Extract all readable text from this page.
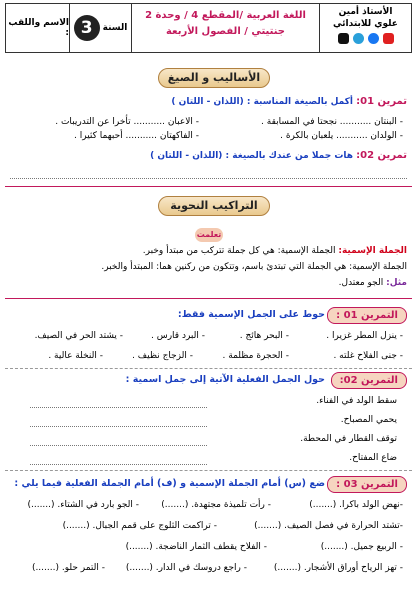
الأستاذ أمين
علوي للابتدائي
اللغة العربية /المقطع 4 / وحدة 2
جنتيتي / الفصول الأربعة
السنة
3
الاسم واللقب :
الأساليب و الصيغ
تمرين 01:
أكمل بالصيغة المناسبة : (اللذان - اللتان )
- البنتان ........... نجحتا في المسابقة .
- الاعبان ........... تأخرا عن التدريبات .
- الولدان ........... يلعبان بالكرة .
- الفاكهتان ........... أحبهما كثيرا .
تمرين 02:
هات جملا من عندك بالصيغة : (اللذان - اللتان )
التراكيب النحوية
تعلمت
الجملة الإسمية: الجملة الإسمية: هي كل جملة تتركب من مبتدأ وخبر.
الجملة الإسمية: هي الجملة التي تبتدئ باسم، وتتكون من ركنين هما: المبتدأ والخبر.
مثل: الجو معتدل.
التمرين 01 :
حوط على الجمل الإسمية فقط:
- ينزل المطر غزيرا .
- البحر هائج .
- البرد قارس .
- يشتد الحر في الصيف.
- جنى الفلاح غلته .
- الحجرة مظلمة .
- الزجاج نظيف .
- النخلة عالية .
التمرين 02:
حول الجمل الفعلية الآتية إلى جمل اسمية :
سقط الولد في الفناء.
يحمي المصباح.
توقف القطار في المحطة.
ضاع المفتاح.
التمرين 03 :
ضع (س) أمام الجملة الإسمية و (ف) أمام الجملة الفعلية فيما يلي :
-نهض الولد باكرا. (.......)
- رأت تلميذة مجتهدة. (.......)
- الجو بارد في الشتاء. (.......)
-تشتد الحرارة في فصل الصيف. (.......)
- تراكمت الثلوج على قمم الجبال. (.......)
- الربيع جميل. (.......)
- الفلاح يقطف الثمار الناضجة. (.......)
- تهز الرياح أوراق الأشجار. (.......)
- راجع دروسك في الدار. (.......)
- التمر حلو. (.......)
